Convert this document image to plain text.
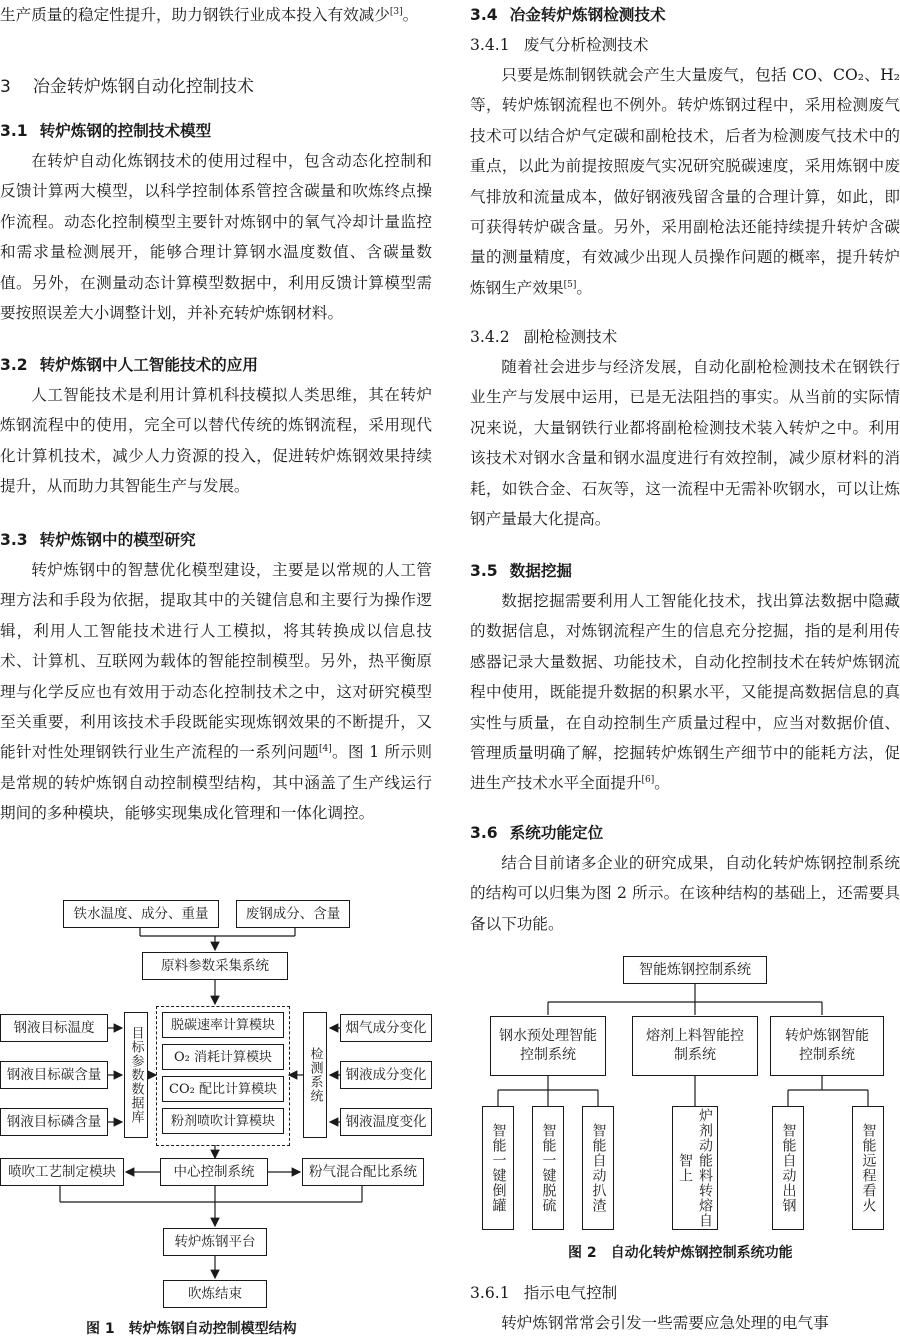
生产质量的稳定性提升，助力钢铁行业成本投入有效减少[3]。

3 冶金转炉炼钢自动化控制技术
3.1 转炉炼钢的控制技术模型

在转炉自动化炼钢技术的使用过程中，包含动态化控制和反馈计算两大模型，以科学控制体系管控含碳量和吹炼终点操作流程。动态化控制模型主要针对炼钢中的氧气冷却计量监控和需求量检测展开，能够合理计算钢水温度数值、含碳量数值。另外，在测量动态计算模型数据中，利用反馈计算模型需要按照误差大小调整计划，并补充转炉炼钢材料。

3.2 转炉炼钢中人工智能技术的应用

人工智能技术是利用计算机科技模拟人类思维，其在转炉炼钢流程中的使用，完全可以替代传统的炼钢流程，采用现代化计算机技术，减少人力资源的投入，促进转炉炼钢效果持续提升，从而助力其智能生产与发展。

3.3 转炉炼钢中的模型研究

转炉炼钢中的智慧优化模型建设，主要是以常规的人工管理方法和手段为依据，提取其中的关键信息和主要行为操作逻辑，利用人工智能技术进行人工模拟，将其转换成以信息技术、计算机、互联网为载体的智能控制模型。另外，热平衡原理与化学反应也有效用于动态化控制技术之中，这对研究模型至关重要，利用该技术手段既能实现炼钢效果的不断提升，又能针对性处理钢铁行业生产流程的一系列问题[4]。图 1 所示则是常规的转炉炼钢自动控制模型结构，其中涵盖了生产线运行期间的多种模块，能够实现集成化管理和一体化调控。

铁水温度、成分、重量	废钢成分、含量
原料参数采集系统
钢液目标温度
钢液目标碳含量
钢液目标磷含量	目标参数数据库
脱碳速率计算模块
O₂ 消耗计算模块
CO₂ 配比计算模块
粉剂喷吹计算模块
检测系统
烟气成分变化
钢液成分变化
钢液温度变化
喷吹工艺制定模块	中心控制系统	粉气混合配比系统
转炉炼钢平台
吹炼结束
图 1　转炉炼钢自动控制模型结构
3.4 冶金转炉炼钢检测技术
3.4.1 废气分析检测技术

只要是炼制钢铁就会产生大量废气，包括 CO、CO₂、H₂ 等，转炉炼钢流程也不例外。转炉炼钢过程中，采用检测废气技术可以结合炉气定碳和副枪技术，后者为检测废气技术中的重点，以此为前提按照废气实况研究脱碳速度，采用炼钢中废气排放和流量成本，做好钢液残留含量的合理计算，如此，即可获得转炉碳含量。另外，采用副枪法还能持续提升转炉含碳量的测量精度，有效减少出现人员操作问题的概率，提升转炉炼钢生产效果[5]。

3.4.2 副枪检测技术

随着社会进步与经济发展，自动化副枪检测技术在钢铁行业生产与发展中运用，已是无法阻挡的事实。从当前的实际情况来说，大量钢铁行业都将副枪检测技术装入转炉之中。利用该技术对钢水含量和钢水温度进行有效控制，减少原材料的消耗，如铁合金、石灰等，这一流程中无需补吹钢水，可以让炼钢产量最大化提高。

3.5 数据挖掘

数据挖掘需要利用人工智能化技术，找出算法数据中隐藏的数据信息，对炼钢流程产生的信息充分挖掘，指的是利用传感器记录大量数据、功能技术，自动化控制技术在转炉炼钢流程中使用，既能提升数据的积累水平，又能提高数据信息的真实性与质量，在自动控制生产质量过程中，应当对数据价值、管理质量明确了解，挖掘转炉炼钢生产细节中的能耗方法，促进生产技术水平全面提升[6]。

3.6 系统功能定位

结合目前诸多企业的研究成果，自动化转炉炼钢控制系统的结构可以归集为图 2 所示。在该种结构的基础上，还需要具备以下功能。

3.6.1 指示电气控制

转炉炼钢常常会引发一些需要应急处理的电气事

智能炼钢控制系统
钢水预处理智能控制系统
熔剂上料智能控制系统
转炉炼钢智能控制系统
智能一键倒罐	智能一键脱硫	智能自动扒渣	炉剂动能料转熔自智上	智能自动出钢	智能远程看火
图 2　自动化转炉炼钢控制系统功能
